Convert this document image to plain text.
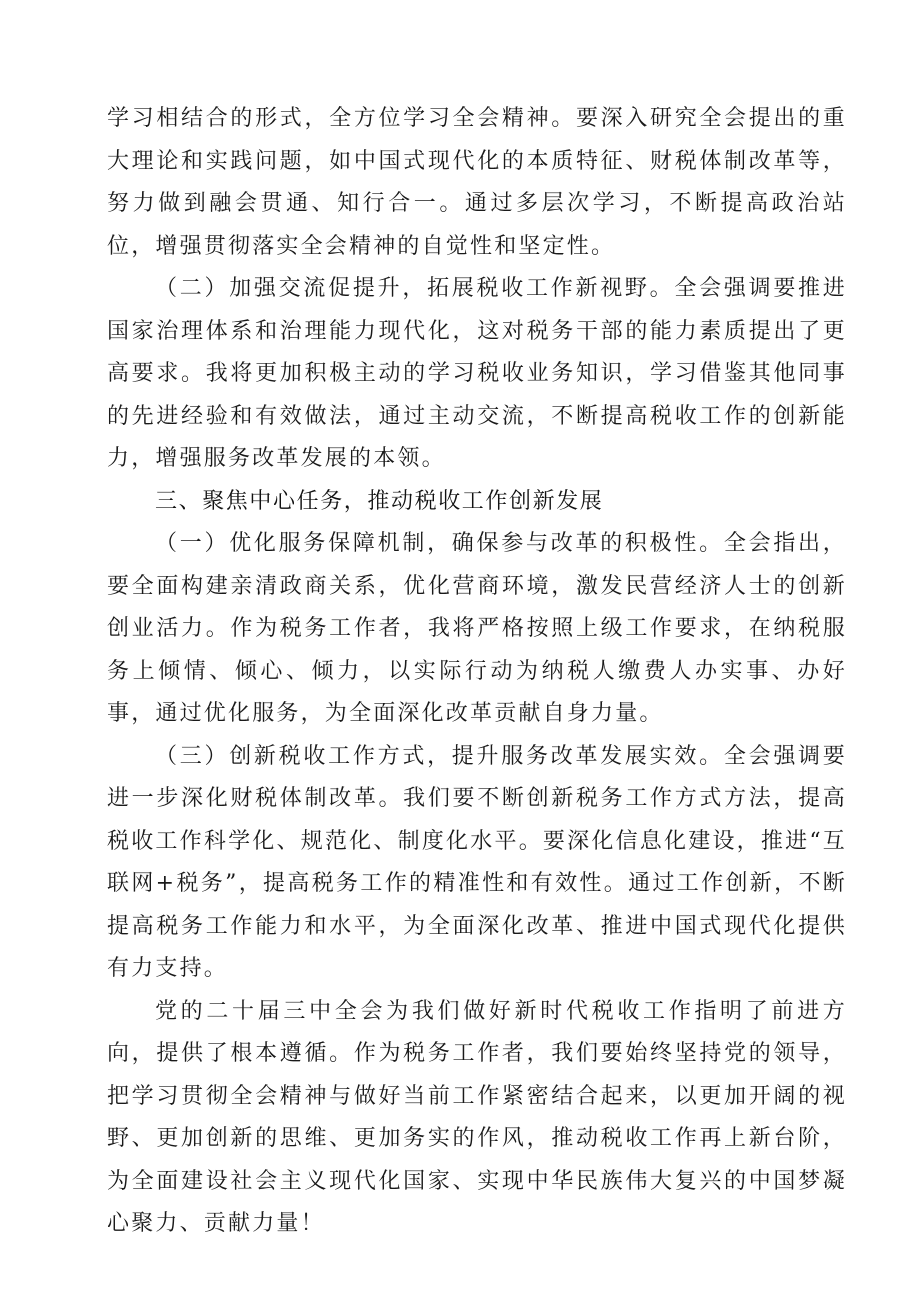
学习相结合的形式，全方位学习全会精神。要深入研究全会提出的重大理论和实践问题，如中国式现代化的本质特征、财税体制改革等，努力做到融会贯通、知行合一。通过多层次学习，不断提高政治站位，增强贯彻落实全会精神的自觉性和坚定性。

（二）加强交流促提升，拓展税收工作新视野。全会强调要推进国家治理体系和治理能力现代化，这对税务干部的能力素质提出了更高要求。我将更加积极主动的学习税收业务知识，学习借鉴其他同事的先进经验和有效做法，通过主动交流，不断提高税收工作的创新能力，增强服务改革发展的本领。

三、聚焦中心任务，推动税收工作创新发展

（一）优化服务保障机制，确保参与改革的积极性。全会指出，要全面构建亲清政商关系，优化营商环境，激发民营经济人士的创新创业活力。作为税务工作者，我将严格按照上级工作要求，在纳税服务上倾情、倾心、倾力，以实际行动为纳税人缴费人办实事、办好事，通过优化服务，为全面深化改革贡献自身力量。

（三）创新税收工作方式，提升服务改革发展实效。全会强调要进一步深化财税体制改革。我们要不断创新税务工作方式方法，提高税收工作科学化、规范化、制度化水平。要深化信息化建设，推进“互联网+税务”，提高税务工作的精准性和有效性。通过工作创新，不断提高税务工作能力和水平，为全面深化改革、推进中国式现代化提供有力支持。

党的二十届三中全会为我们做好新时代税收工作指明了前进方向，提供了根本遵循。作为税务工作者，我们要始终坚持党的领导，把学习贯彻全会精神与做好当前工作紧密结合起来，以更加开阔的视野、更加创新的思维、更加务实的作风，推动税收工作再上新台阶，为全面建设社会主义现代化国家、实现中华民族伟大复兴的中国梦凝心聚力、贡献力量！
